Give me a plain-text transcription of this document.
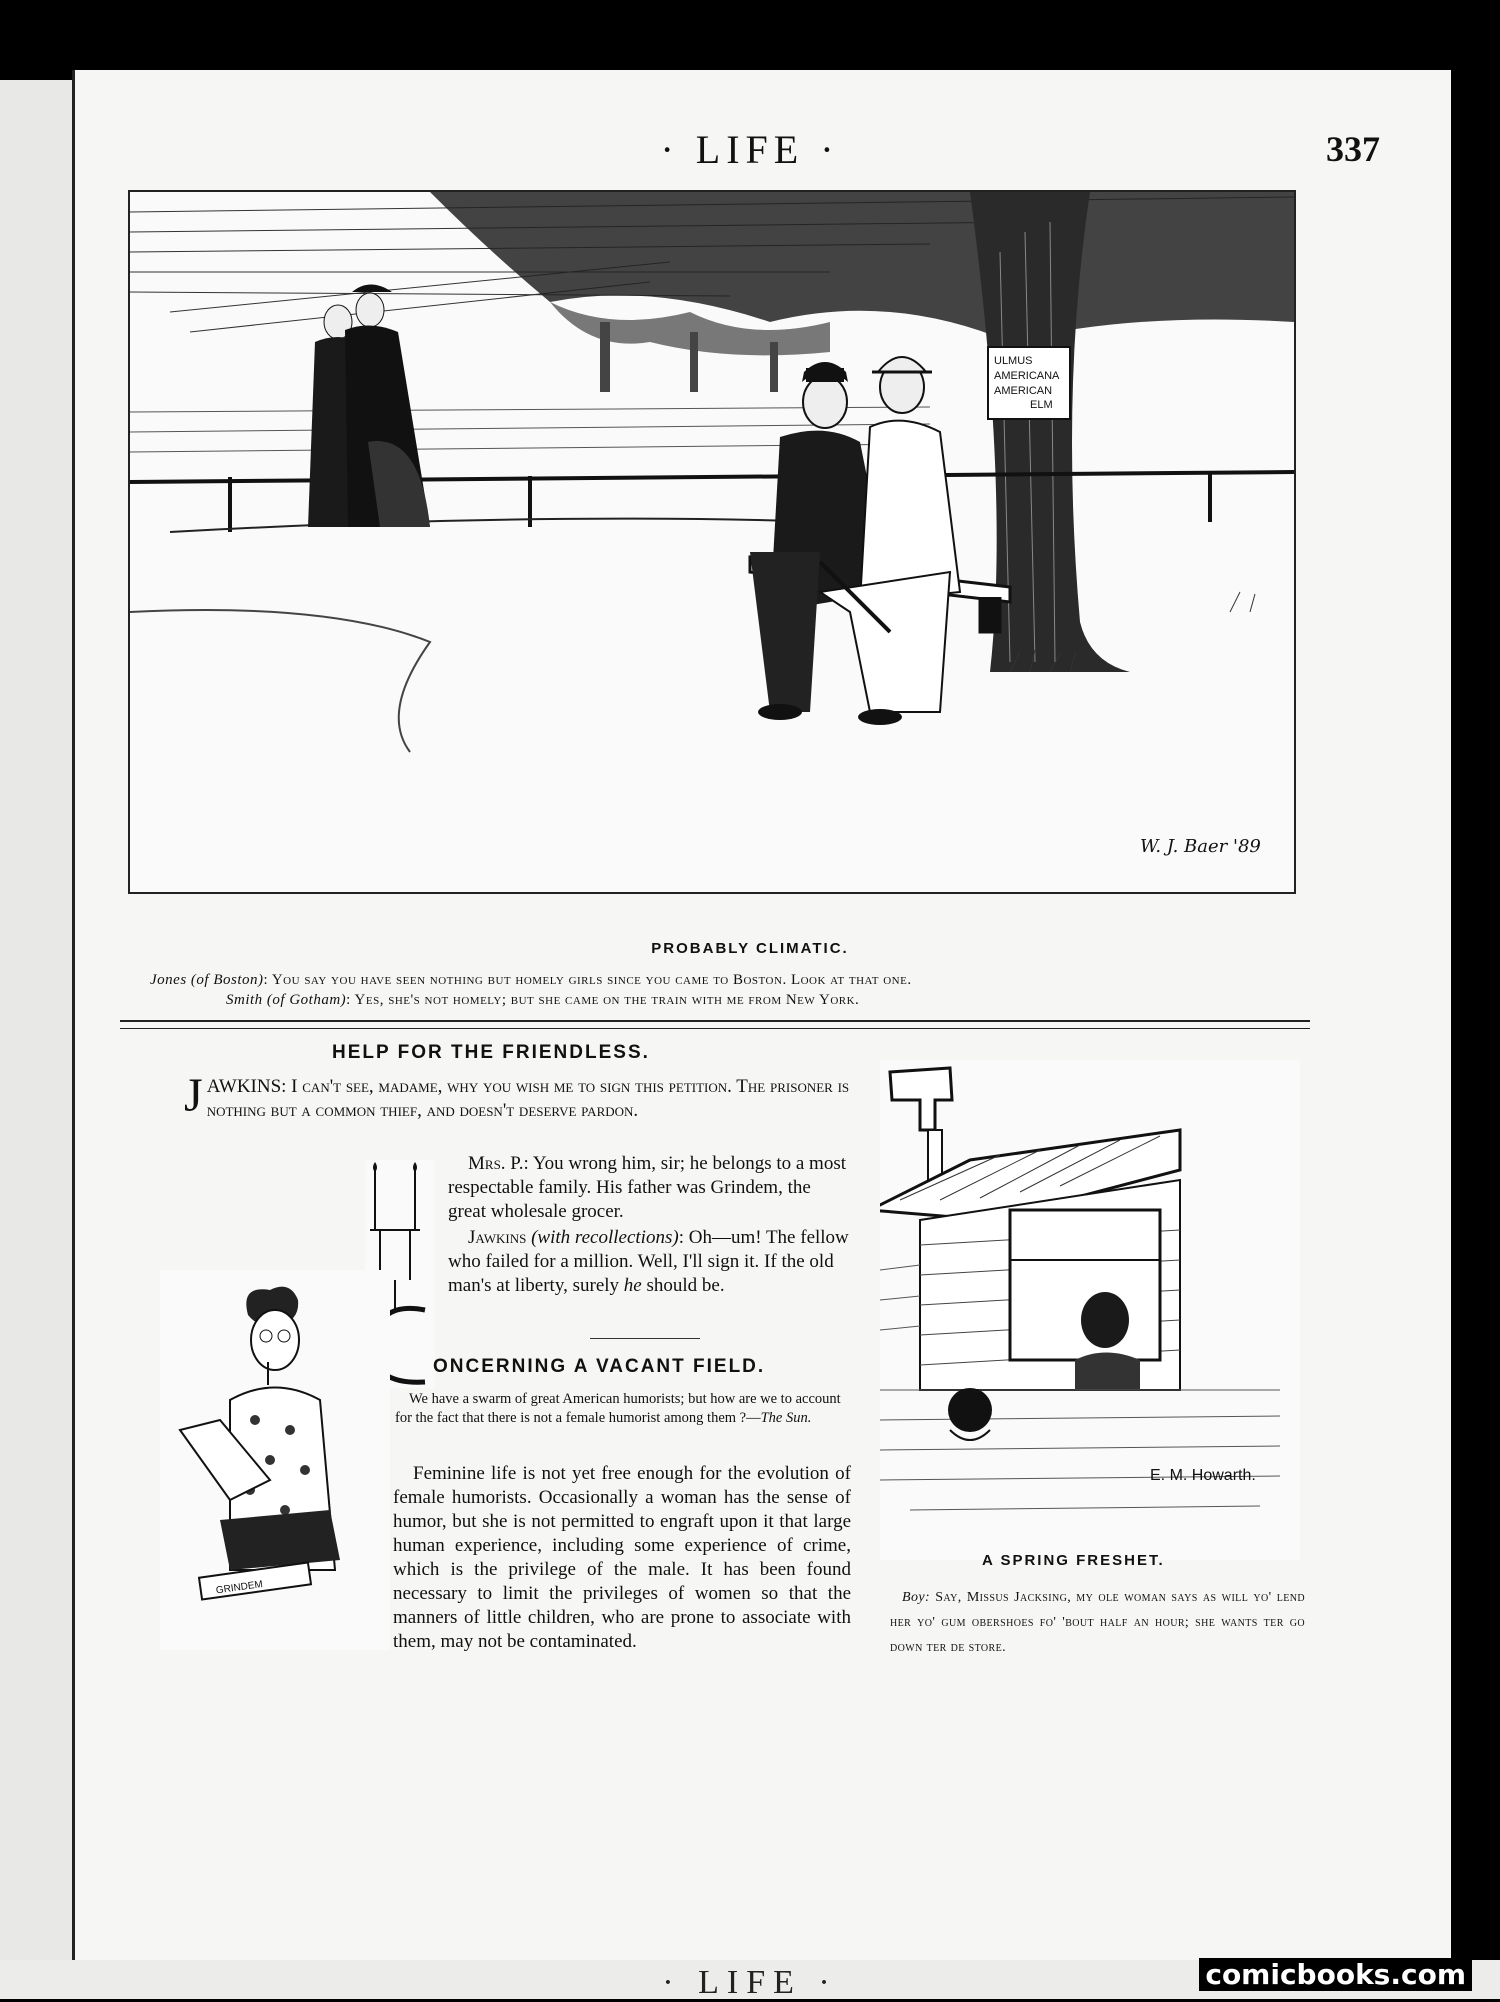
· LIFE ·	337
ULMUS
AMERICANA
AMERICAN
ELM
W. J. Baer '89
PROBABLY CLIMATIC.
Jones (of Boston): You say you have seen nothing but homely girls since you came to Boston. Look at that one.
Smith (of Gotham): Yes, she's not homely; but she came on the train with me from New York.
HELP FOR THE FRIENDLESS.
JAWKINS: I can't see, madame, why you wish me to sign this petition. The prisoner is nothing but a common thief, and doesn't deserve pardon.
Mrs. P.: You wrong him, sir; he belongs to a most respectable family. His father was Grindem, the great wholesale grocer.
Jawkins (with recollections): Oh—um! The fellow who failed for a million. Well, I'll sign it. If the old man's at liberty, surely he should be.
ONCERNING A VACANT FIELD.
We have a swarm of great American humorists; but how are we to account for the fact that there is not a female humorist among them ?—The Sun.
Feminine life is not yet free enough for the evolution of female humorists. Occasionally a woman has the sense of humor, but she is not permitted to engraft upon it that large human experience, including some experience of crime, which is the privilege of the male. It has been found necessary to limit the privileges of women so that the manners of little children, who are prone to associate with them, may not be contaminated.
GRINDEM
E. M. Howarth.
A SPRING FRESHET.
Boy: Say, Missus Jacksing, my ole woman says as will yo' lend her yo' gum obershoes fo' 'bout half an hour; she wants ter go down ter de store.
· LIFE ·	comicbooks.com
